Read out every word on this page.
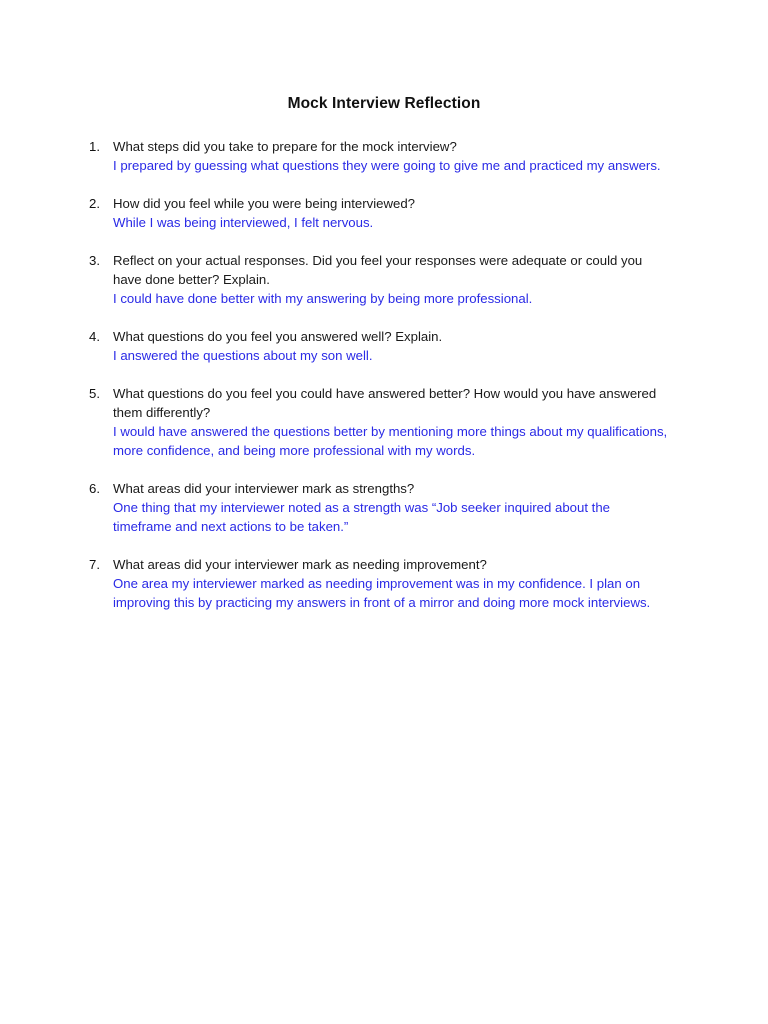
Mock Interview Reflection
1. What steps did you take to prepare for the mock interview?
I prepared by guessing what questions they were going to give me and practiced my answers.
2. How did you feel while you were being interviewed?
While I was being interviewed, I felt nervous.
3. Reflect on your actual responses. Did you feel your responses were adequate or could you have done better? Explain.
I could have done better with my answering by being more professional.
4. What questions do you feel you answered well? Explain.
I answered the questions about my son well.
5. What questions do you feel you could have answered better? How would you have answered them differently?
I would have answered the questions better by mentioning more things about my qualifications, more confidence, and being more professional with my words.
6. What areas did your interviewer mark as strengths?
One thing that my interviewer noted as a strength was “Job seeker inquired about the timeframe and next actions to be taken.”
7. What areas did your interviewer mark as needing improvement?
One area my interviewer marked as needing improvement was in my confidence. I plan on improving this by practicing my answers in front of a mirror and doing more mock interviews.
